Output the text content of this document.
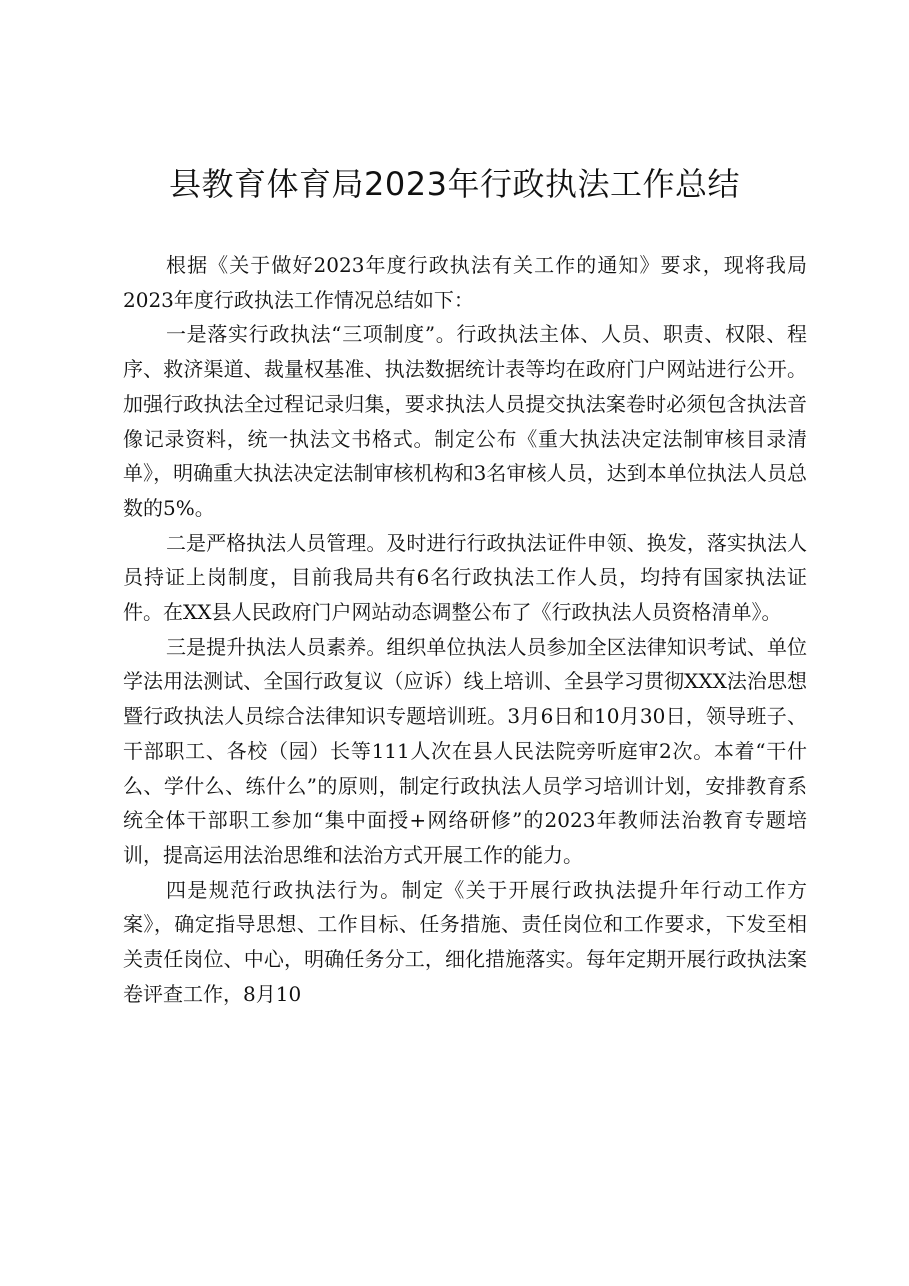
县教育体育局2023年行政执法工作总结

根据《关于做好2023年度行政执法有关工作的通知》要求，现将我局2023年度行政执法工作情况总结如下：

一是落实行政执法“三项制度”。行政执法主体、人员、职责、权限、程序、救济渠道、裁量权基准、执法数据统计表等均在政府门户网站进行公开。加强行政执法全过程记录归集，要求执法人员提交执法案卷时必须包含执法音像记录资料，统一执法文书格式。制定公布《重大执法决定法制审核目录清单》，明确重大执法决定法制审核机构和3名审核人员，达到本单位执法人员总数的5%。

二是严格执法人员管理。及时进行行政执法证件申领、换发，落实执法人员持证上岗制度，目前我局共有6名行政执法工作人员，均持有国家执法证件。在XX县人民政府门户网站动态调整公布了《行政执法人员资格清单》。

三是提升执法人员素养。组织单位执法人员参加全区法律知识考试、单位学法用法测试、全国行政复议（应诉）线上培训、全县学习贯彻XXX法治思想暨行政执法人员综合法律知识专题培训班。3月6日和10月30日，领导班子、干部职工、各校（园）长等111人次在县人民法院旁听庭审2次。本着“干什么、学什么、练什么”的原则，制定行政执法人员学习培训计划，安排教育系统全体干部职工参加“集中面授+网络研修”的2023年教师法治教育专题培训，提高运用法治思维和法治方式开展工作的能力。

四是规范行政执法行为。制定《关于开展行政执法提升年行动工作方案》，确定指导思想、工作目标、任务措施、责任岗位和工作要求，下发至相关责任岗位、中心，明确任务分工，细化措施落实。每年定期开展行政执法案卷评查工作，8月10
